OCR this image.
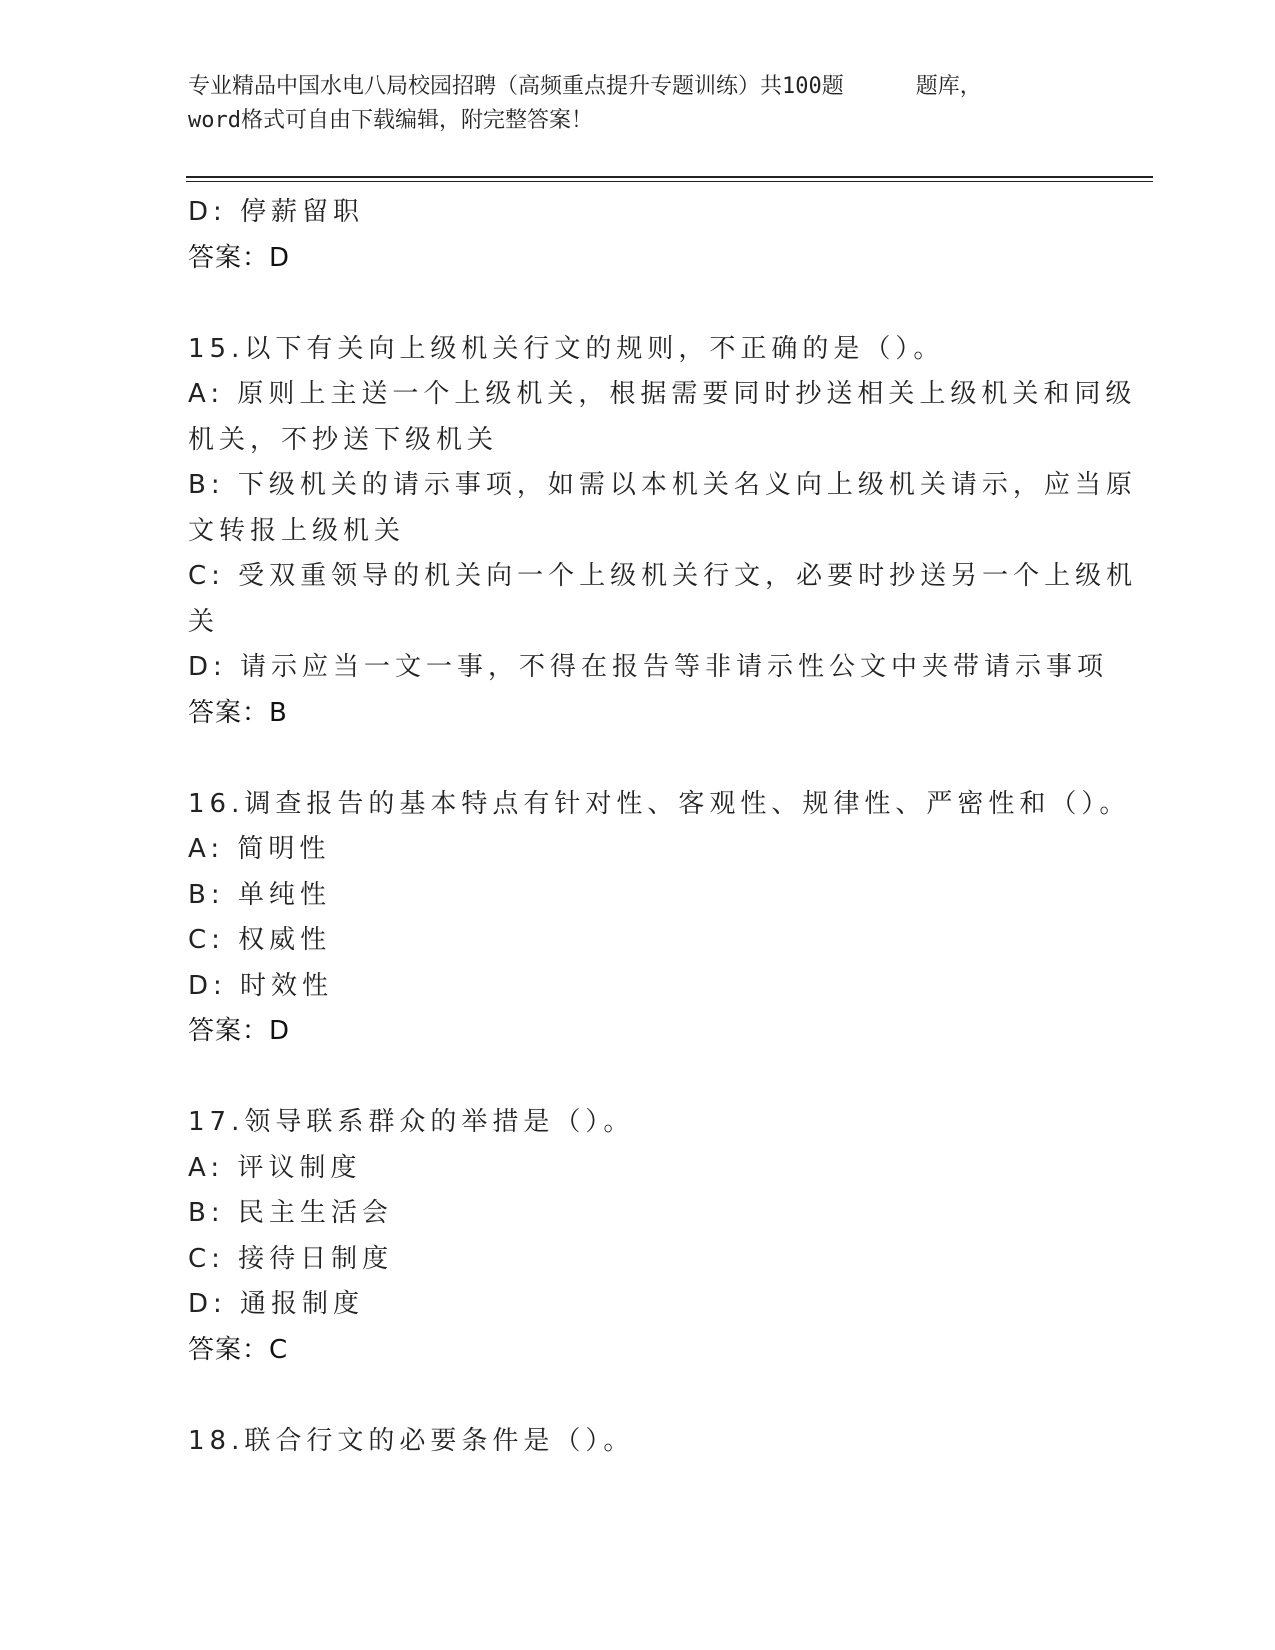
专业精品中国水电八局校园招聘（高频重点提升专题训练）共100题	题库，
word格式可自由下载编辑，附完整答案！
D: 停薪留职
答案：D
15.以下有关向上级机关行文的规则，不正确的是（）。
A: 原则上主送一个上级机关，根据需要同时抄送相关上级机关和同级
机关，不抄送下级机关
B: 下级机关的请示事项，如需以本机关名义向上级机关请示，应当原
文转报上级机关
C: 受双重领导的机关向一个上级机关行文，必要时抄送另一个上级机
关
D: 请示应当一文一事，不得在报告等非请示性公文中夹带请示事项
答案：B
16.调查报告的基本特点有针对性、客观性、规律性、严密性和（）。
A: 简明性
B: 单纯性
C: 权威性
D: 时效性
答案：D
17.领导联系群众的举措是（）。
A: 评议制度
B: 民主生活会
C: 接待日制度
D: 通报制度
答案：C
18.联合行文的必要条件是（）。
